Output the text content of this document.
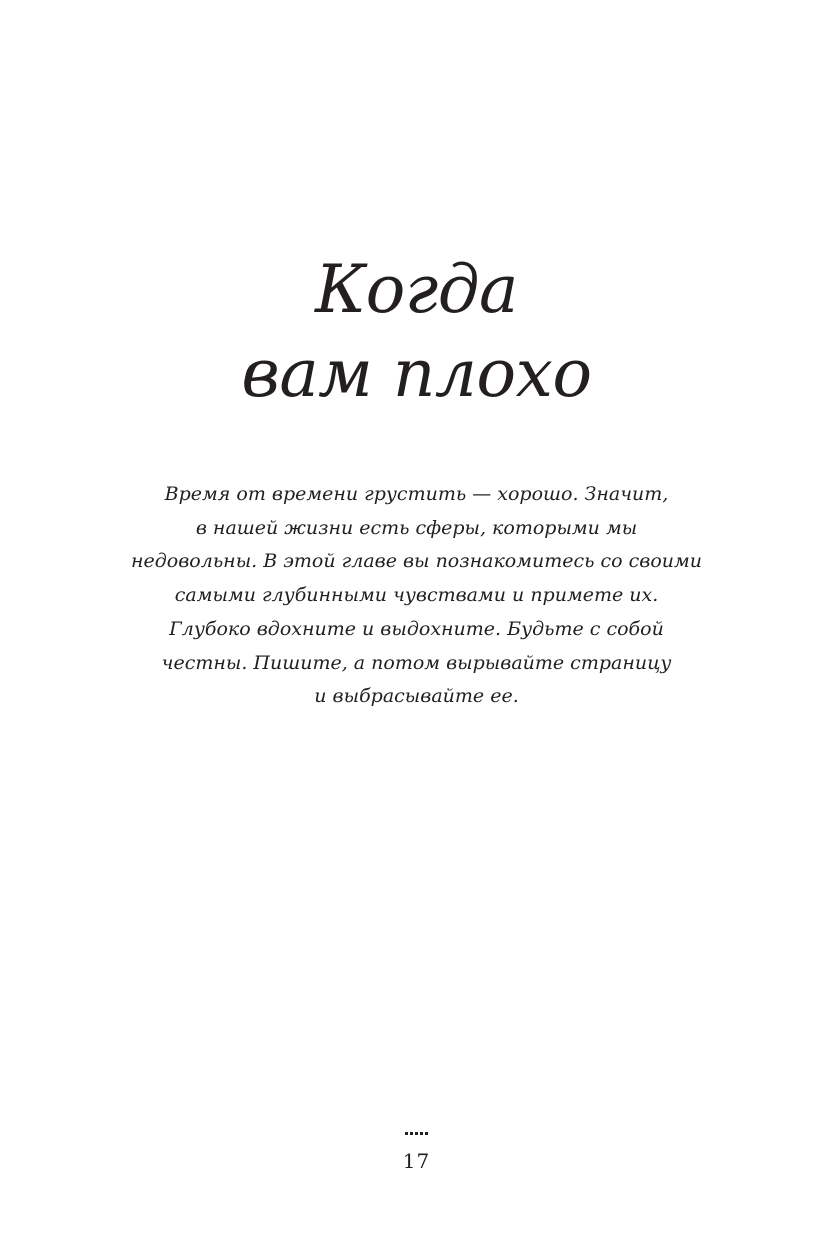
Когда
вам плохо

Время от времени грустить — хорошо. Значит,
в нашей жизни есть сферы, которыми мы
недовольны. В этой главе вы познакомитесь со своими
самыми глубинными чувствами и примете их.
Глубоко вдохните и выдохните. Будьте с собой
честны. Пишите, а потом вырывайте страницу
и выбрасывайте ее.

17
